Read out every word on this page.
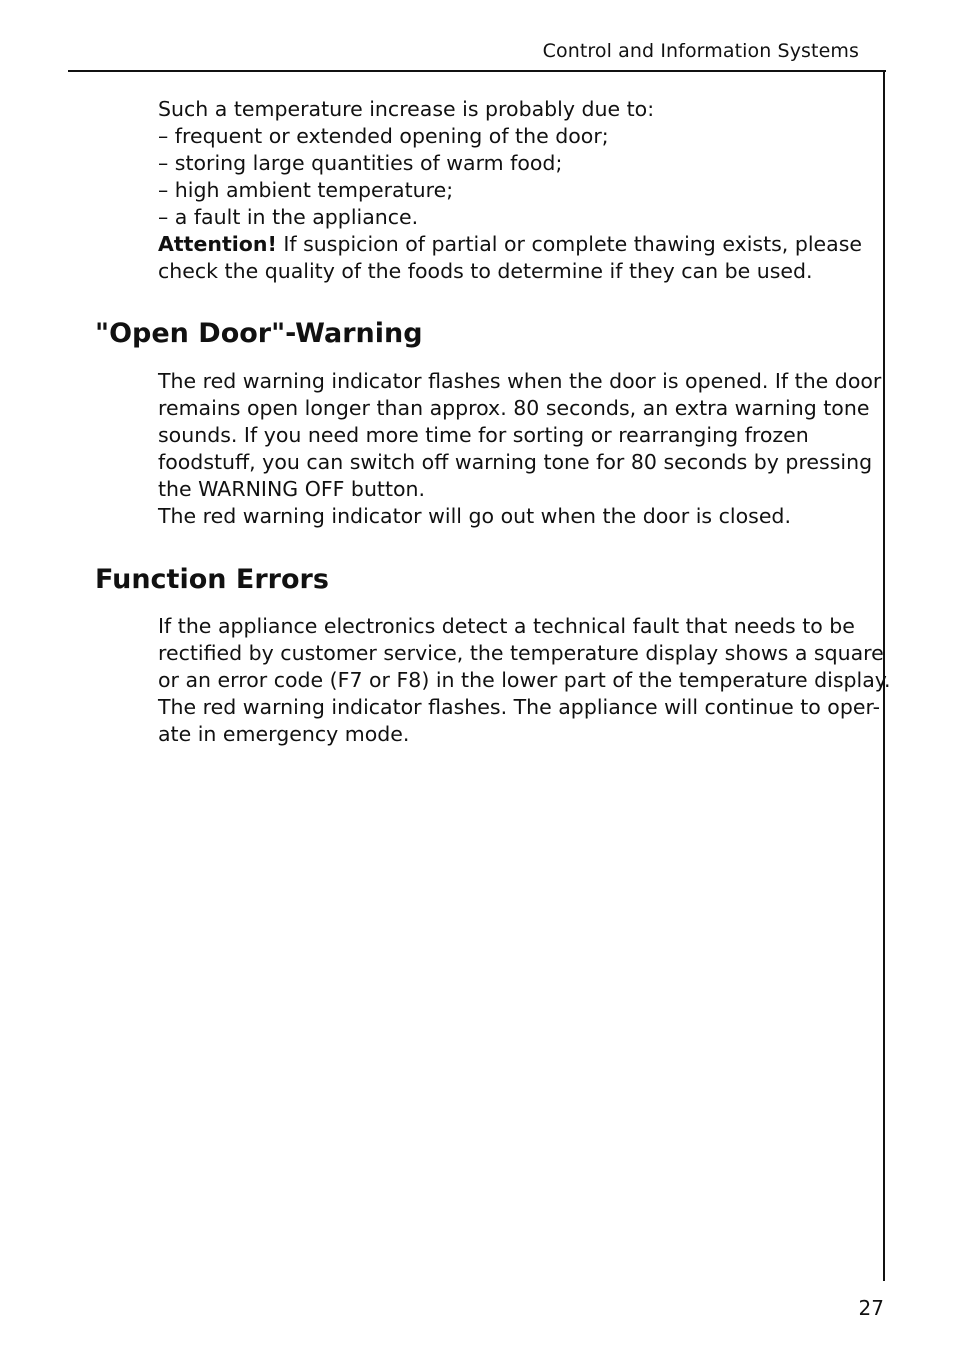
Control and Information Systems
Such a temperature increase is probably due to:
– frequent or extended opening of the door;
– storing large quantities of warm food;
– high ambient temperature;
– a fault in the appliance.
Attention! If suspicion of partial or complete thawing exists, please
check the quality of the foods to determine if they can be used.
"Open Door"-Warning
The red warning indicator flashes when the door is opened. If the door
remains open longer than approx. 80 seconds, an extra warning tone
sounds. If you need more time for sorting or rearranging frozen
foodstuff, you can switch off warning tone for 80 seconds by pressing
the WARNING OFF button.
The red warning indicator will go out when the door is closed.
Function Errors
If the appliance electronics detect a technical fault that needs to be
rectified by customer service, the temperature display shows a square
or an error code (F7 or F8) in the lower part of the temperature display.
The red warning indicator flashes. The appliance will continue to oper-
ate in emergency mode.
27
